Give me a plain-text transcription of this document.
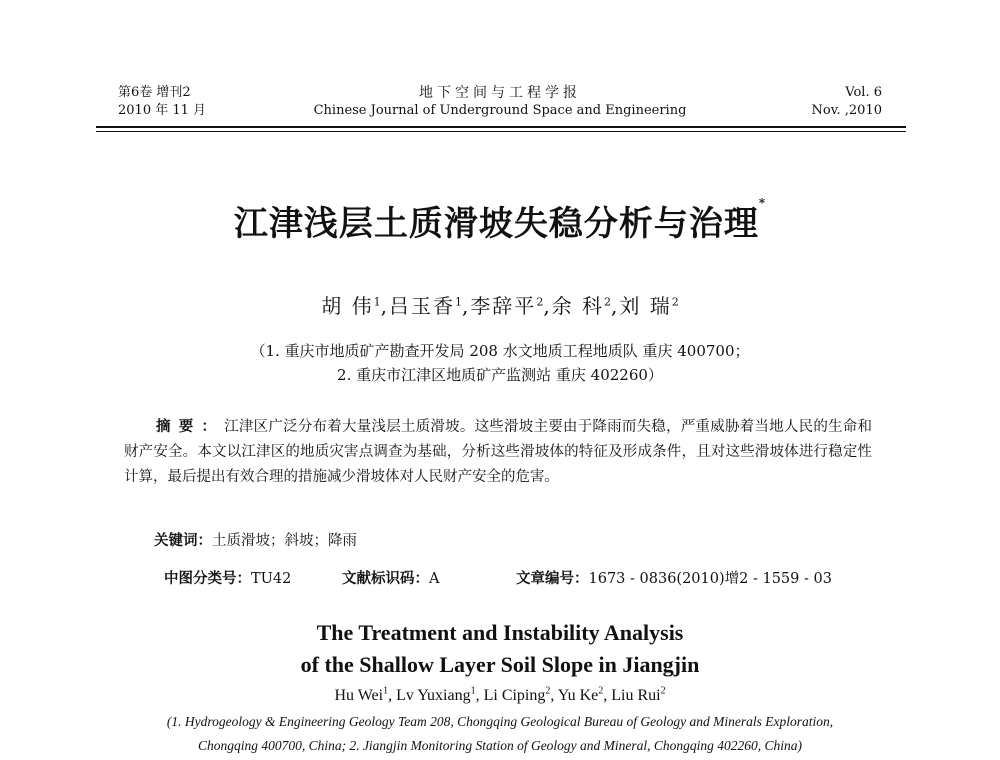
第6卷 增刊2
2010 年 11 月
地下空间与工程学报
Chinese Journal of Underground Space and Engineering
Vol. 6
Nov. ,2010
江津浅层土质滑坡失稳分析与治理*
胡 伟$^1$,吕玉香$^1$,李辞平$^2$,余 科$^2$,刘 瑞$^2$
（1. 重庆市地质矿产勘查开发局 208 水文地质工程地质队 重庆 400700；
2. 重庆市江津区地质矿产监测站 重庆 402260）
摘要：江津区广泛分布着大量浅层土质滑坡。这些滑坡主要由于降雨而失稳，严重威胁着当地人民的生命和财产安全。本文以江津区的地质灾害点调查为基础，分析这些滑坡体的特征及形成条件，且对这些滑坡体进行稳定性计算，最后提出有效合理的措施减少滑坡体对人民财产安全的危害。
关键词：土质滑坡；斜坡；降雨
中图分类号：TU42	文献标识码：A	文章编号：1673 - 0836(2010)增2 - 1559 - 03
The Treatment and Instability Analysis
of the Shallow Layer Soil Slope in Jiangjin
Hu Wei$^1$, Lv Yuxiang$^1$, Li Ciping$^2$, Yu Ke$^2$, Liu Rui$^2$
(1. Hydrogeology & Engineering Geology Team 208, Chongqing Geological Bureau of Geology and Minerals Exploration,
Chongqing 400700, China; 2. Jiangjin Monitoring Station of Geology and Mineral, Chongqing 402260, China)
